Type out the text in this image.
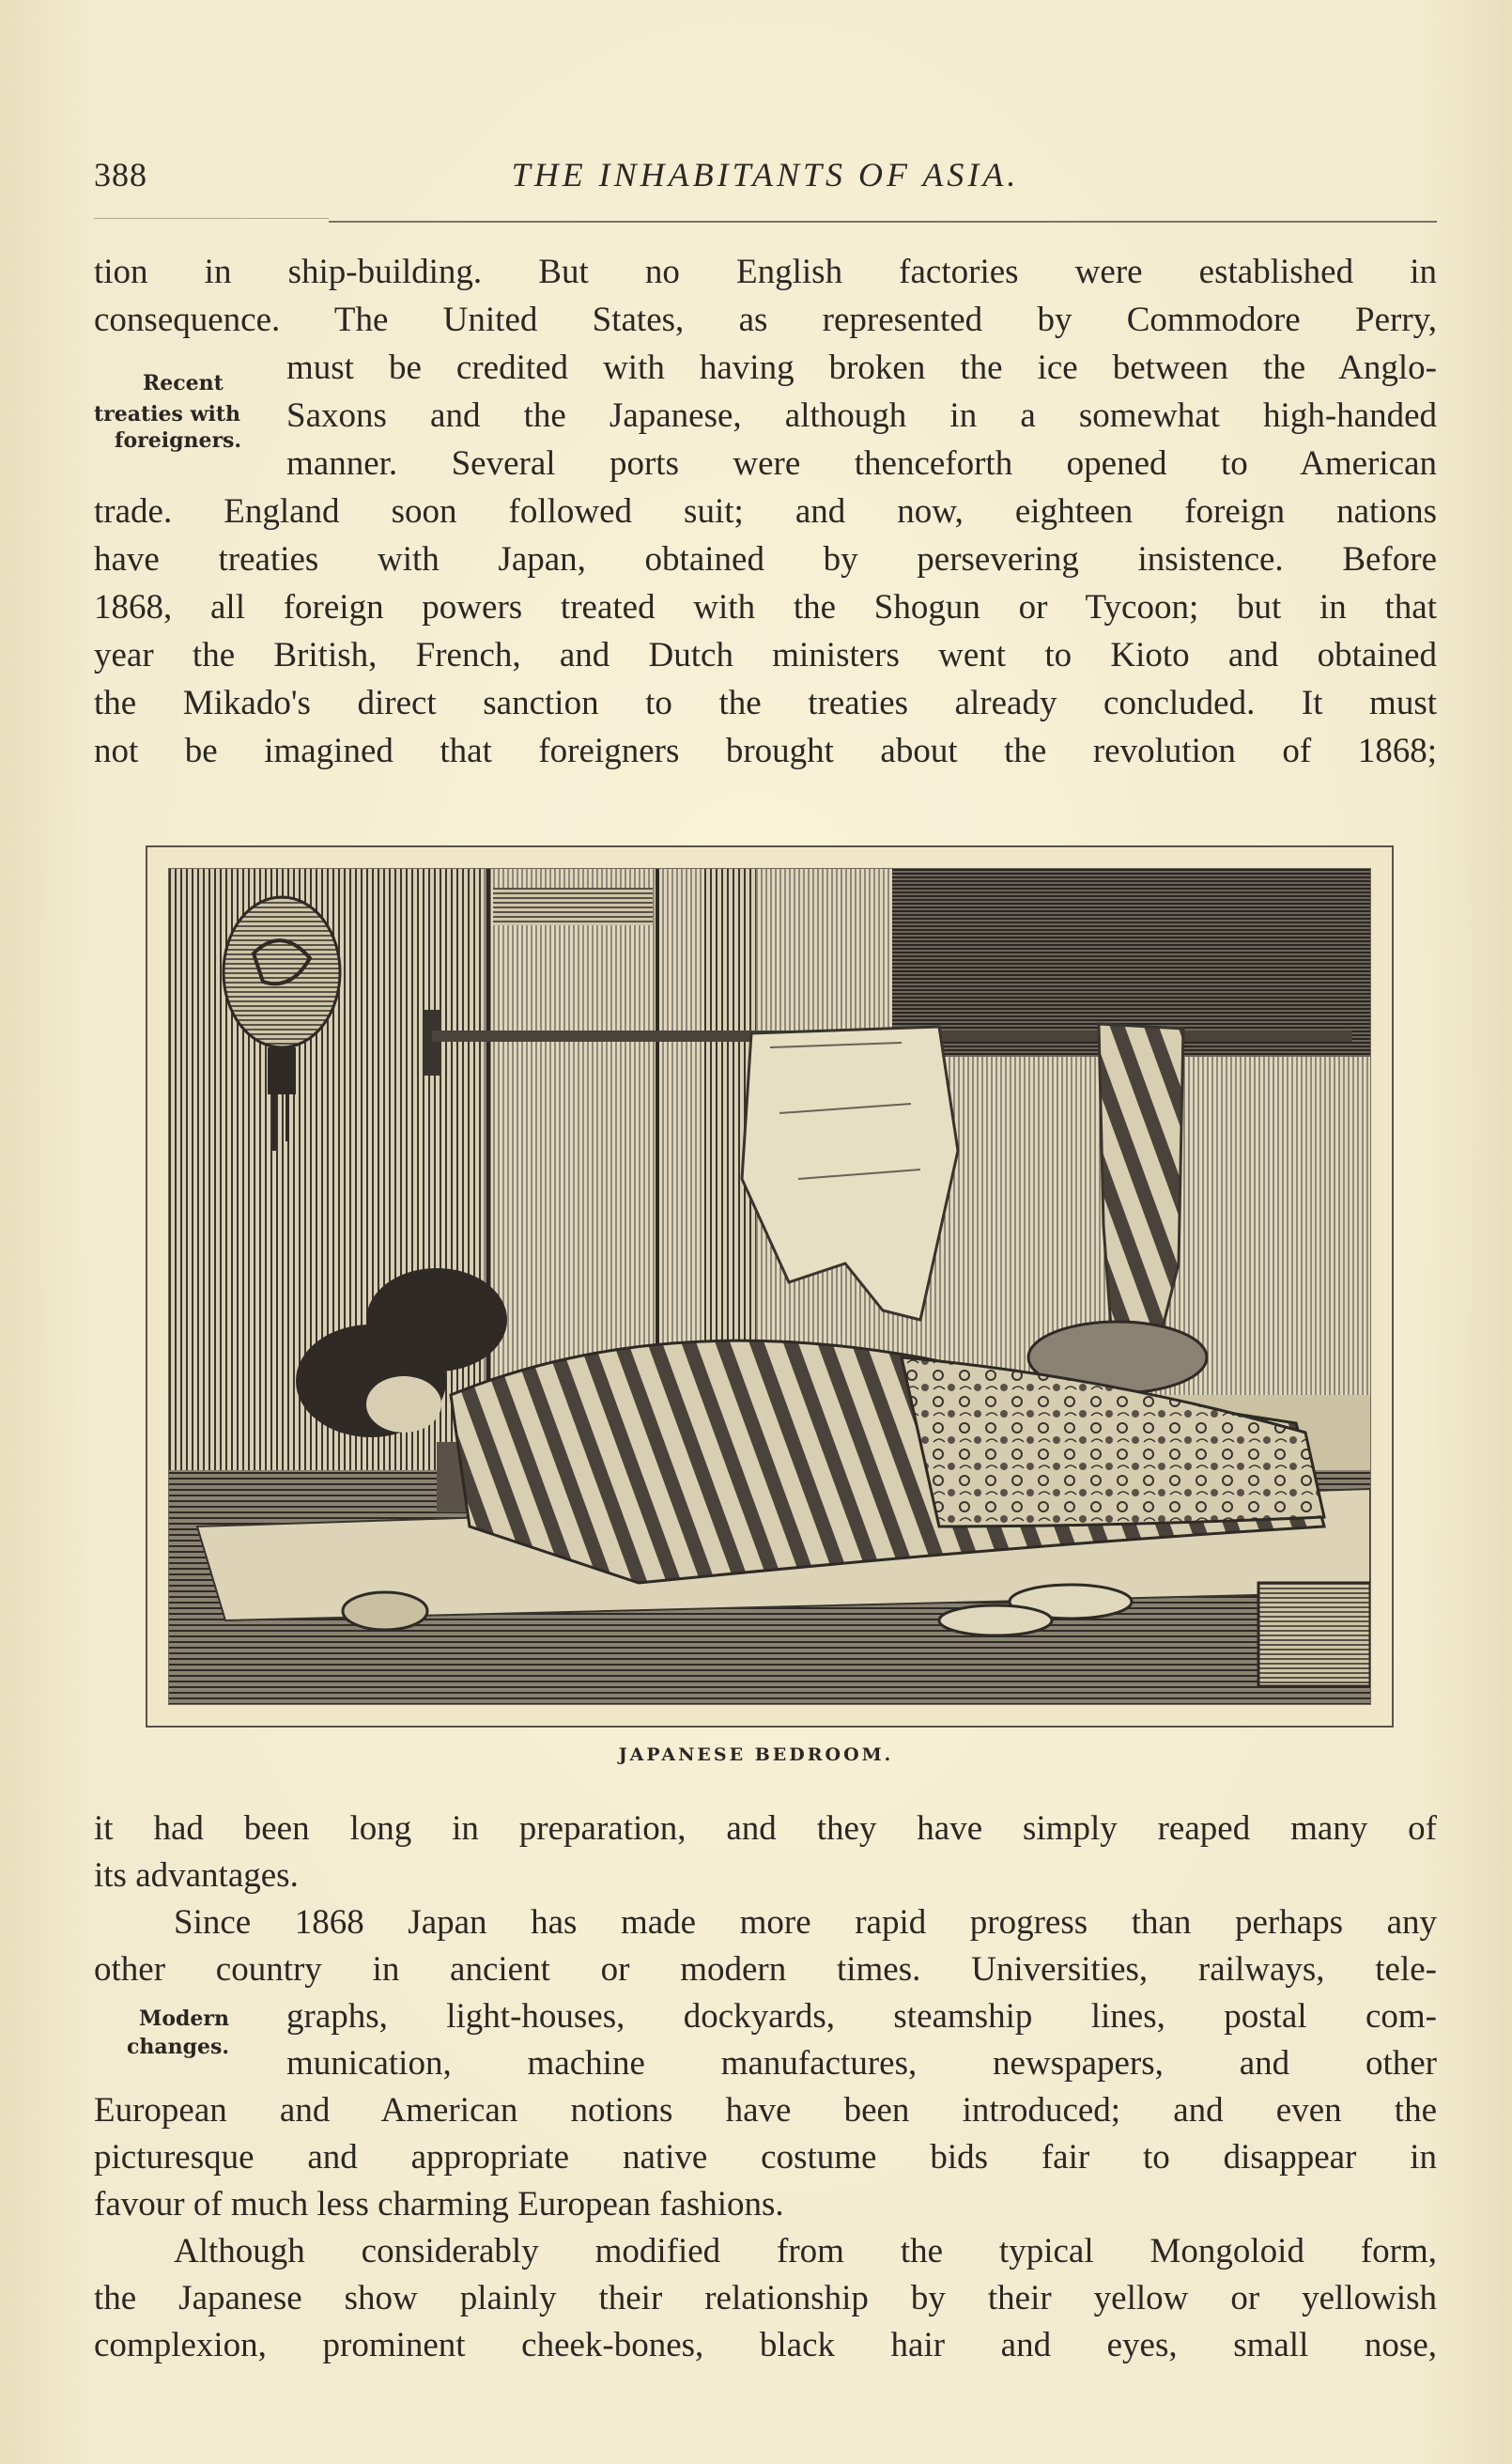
388	THE INHABITANTS OF ASIA.
tion in ship-building. But no English factories were established in
consequence. The United States, as represented by Commodore Perry,
must be credited with having broken the ice between the Anglo-
Saxons and the Japanese, although in a somewhat high-handed
manner. Several ports were thenceforth opened to American
trade. England soon followed suit; and now, eighteen foreign nations
have treaties with Japan, obtained by persevering insistence. Before
1868, all foreign powers treated with the Shogun or Tycoon; but in that
year the British, French, and Dutch ministers went to Kioto and obtained
the Mikado's direct sanction to the treaties already concluded. It must
not be imagined that foreigners brought about the revolution of 1868;
Recent
treaties with
foreigners.
JAPANESE BEDROOM.
it had been long in preparation, and they have simply reaped many of
its advantages.
Since 1868 Japan has made more rapid progress than perhaps any
other country in ancient or modern times. Universities, railways, tele-
graphs, light-houses, dockyards, steamship lines, postal com-
munication, machine manufactures, newspapers, and other
European and American notions have been introduced; and even the
picturesque and appropriate native costume bids fair to disappear in
favour of much less charming European fashions.
Although considerably modified from the typical Mongoloid form,
the Japanese show plainly their relationship by their yellow or yellowish
complexion, prominent cheek-bones, black hair and eyes, small nose,
Modern
changes.
